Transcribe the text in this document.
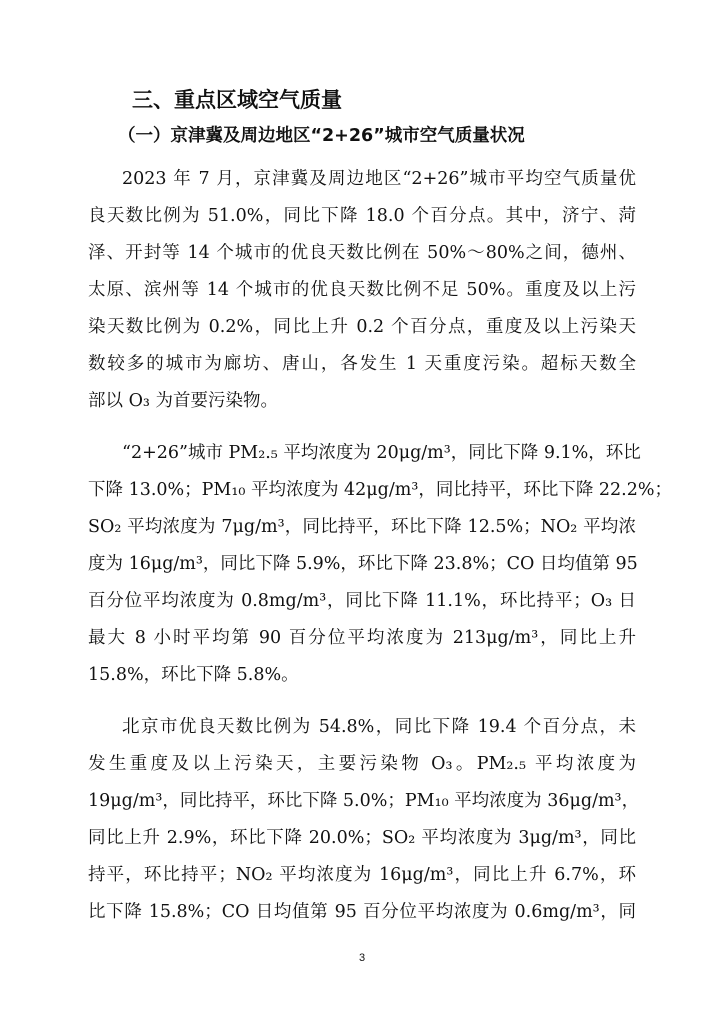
三、重点区域空气质量
（一）京津冀及周边地区“2+26”城市空气质量状况
2023 年 7 月，京津冀及周边地区“2+26”城市平均空气质量优
良天数比例为 51.0%，同比下降 18.0 个百分点。其中，济宁、菏
泽、开封等 14 个城市的优良天数比例在 50%～80%之间，德州、
太原、滨州等 14 个城市的优良天数比例不足 50%。重度及以上污
染天数比例为 0.2%，同比上升 0.2 个百分点，重度及以上污染天
数较多的城市为廊坊、唐山，各发生 1 天重度污染。超标天数全
部以 O₃ 为首要污染物。
“2+26”城市 PM₂.₅ 平均浓度为 20μg/m³，同比下降 9.1%，环比
下降 13.0%；PM₁₀ 平均浓度为 42μg/m³，同比持平，环比下降 22.2%；
SO₂ 平均浓度为 7μg/m³，同比持平，环比下降 12.5%；NO₂ 平均浓
度为 16μg/m³，同比下降 5.9%，环比下降 23.8%；CO 日均值第 95
百分位平均浓度为 0.8mg/m³，同比下降 11.1%，环比持平；O₃ 日
最大 8 小时平均第 90 百分位平均浓度为 213μg/m³，同比上升
15.8%，环比下降 5.8%。
北京市优良天数比例为 54.8%，同比下降 19.4 个百分点，未
发生重度及以上污染天，主要污染物 O₃。PM₂.₅ 平均浓度为
19μg/m³，同比持平，环比下降 5.0%；PM₁₀ 平均浓度为 36μg/m³，
同比上升 2.9%，环比下降 20.0%；SO₂ 平均浓度为 3μg/m³，同比
持平，环比持平；NO₂ 平均浓度为 16μg/m³，同比上升 6.7%，环
比下降 15.8%；CO 日均值第 95 百分位平均浓度为 0.6mg/m³，同
3
